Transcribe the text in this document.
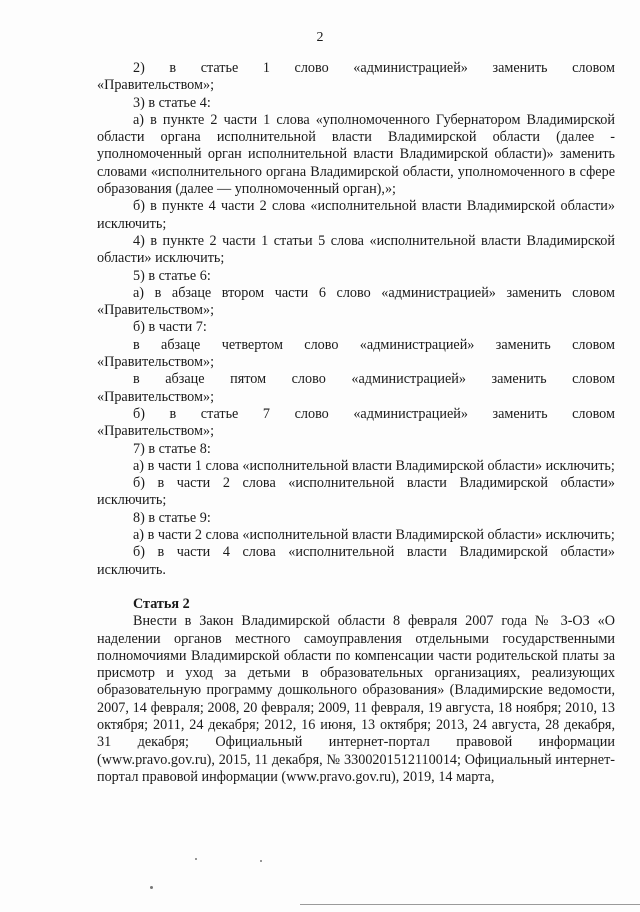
2

2)     в     статье     1     слово     «администрацией»     заменить     словом «Правительством»;

3) в статье 4:

а) в пункте 2 части 1 слова «уполномоченного Губернатором Владимирской области органа исполнительной власти Владимирской области (далее - уполномоченный орган исполнительной власти Владимирской области)» заменить словами «исполнительного органа Владимирской области, уполномоченного в сфере образования (далее — уполномоченный орган),»;

б) в пункте 4 части 2 слова «исполнительной власти Владимирской области» исключить;

4) в пункте 2 части 1 статьи 5 слова «исполнительной власти Владимирской области» исключить;

5) в статье 6:

а) в абзаце втором части 6 слово «администрацией» заменить словом «Правительством»;

б) в части 7:

в     абзаце     четвертом     слово     «администрацией»     заменить     словом «Правительством»;

в      абзаце      пятом      слово      «администрацией»      заменить      словом «Правительством»;

б)      в      статье      7      слово      «администрацией»      заменить      словом «Правительством»;

7) в статье 8:

а) в части 1 слова «исполнительной власти Владимирской области» исключить;

б) в части 2 слова «исполнительной власти Владимирской области» исключить;

8) в статье 9:

а) в части 2 слова «исполнительной власти Владимирской области» исключить;

б) в части 4 слова «исполнительной власти Владимирской области» исключить.

Статья 2

Внести в Закон Владимирской области 8 февраля 2007 года № 3-ОЗ «О наделении органов местного самоуправления отдельными государственными полномочиями Владимирской области по компенсации части родительской платы за присмотр и уход за детьми в образовательных организациях, реализующих образовательную программу дошкольного образования» (Владимирские ведомости, 2007, 14 февраля; 2008, 20 февраля; 2009, 11 февраля, 19 августа, 18 ноября; 2010, 13 октября; 2011, 24 декабря; 2012, 16 июня, 13 октября; 2013, 24 августа, 28 декабря, 31 декабря; Официальный интернет-портал правовой информации (www.pravo.gov.ru), 2015, 11 декабря, № 3300201512110014; Официальный интернет-портал правовой информации (www.pravo.gov.ru), 2019, 14 марта,
